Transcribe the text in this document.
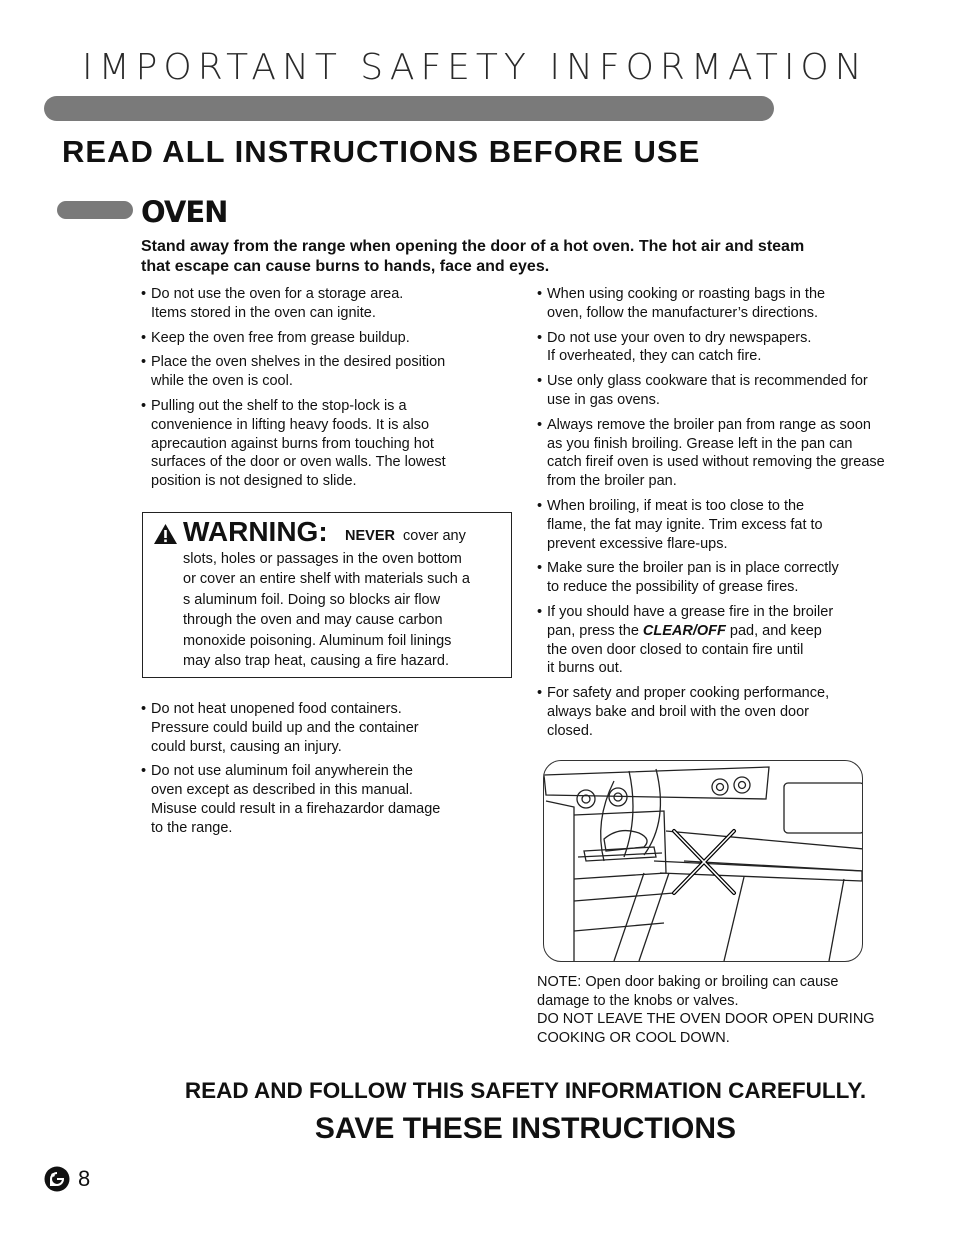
IMPORTANT SAFETY INFORMATION
READ ALL INSTRUCTIONS BEFORE USE
OVEN

Stand away from the range when opening the door of a hot oven. The hot air and steam
that escape can cause burns to hands, face and eyes.

• Do not use the oven for a storage area.
Items stored in the oven can ignite.
• Keep the oven free from grease buildup.
• Place the oven shelves in the desired position
while the oven is cool.
• Pulling out the shelf to the stop-lock is a
convenience in lifting heavy foods. It is also
aprecaution against burns from touching hot
surfaces of the door or oven walls. The lowest
position is not designed to slide.
WARNING: NEVER cover any

slots, holes or passages in the oven bottom
or cover an entire shelf with materials such a
s aluminum foil. Doing so blocks air flow
through the oven and may cause carbon
monoxide poisoning. Aluminum foil linings
may also trap heat, causing a fire hazard.

• Do not heat unopened food containers.
Pressure could build up and the container
could burst, causing an injury.
• Do not use aluminum foil anywherein the
oven except as described in this manual.
Misuse could result in a firehazardor damage
to the range.
• When using cooking or roasting bags in the
oven, follow the manufacturer’s directions.
• Do not use your oven to dry newspapers.
If overheated, they can catch fire.
• Use only glass cookware that is recommended for
use in gas ovens.
• Always remove the broiler pan from range as soon
as you finish broiling. Grease left in the pan can
catch fireif oven is used without removing the grease
from the broiler pan.
• When broiling, if meat is too close to the
flame, the fat may ignite. Trim excess fat to
prevent excessive flare-ups.
• Make sure the broiler pan is in place correctly
to reduce the possibility of grease fires.
• If you should have a grease fire in the broiler
pan, press the CLEAR/OFF pad, and keep
the oven door closed to contain fire until
it burns out.
• For safety and proper cooking performance,
always bake and broil with the oven door
closed.

NOTE: Open door baking or broiling can cause
damage to the knobs or valves.
DO NOT LEAVE THE OVEN DOOR OPEN DURING
COOKING OR COOL DOWN.

READ AND FOLLOW THIS SAFETY INFORMATION CAREFULLY.

SAVE THESE INSTRUCTIONS

8
